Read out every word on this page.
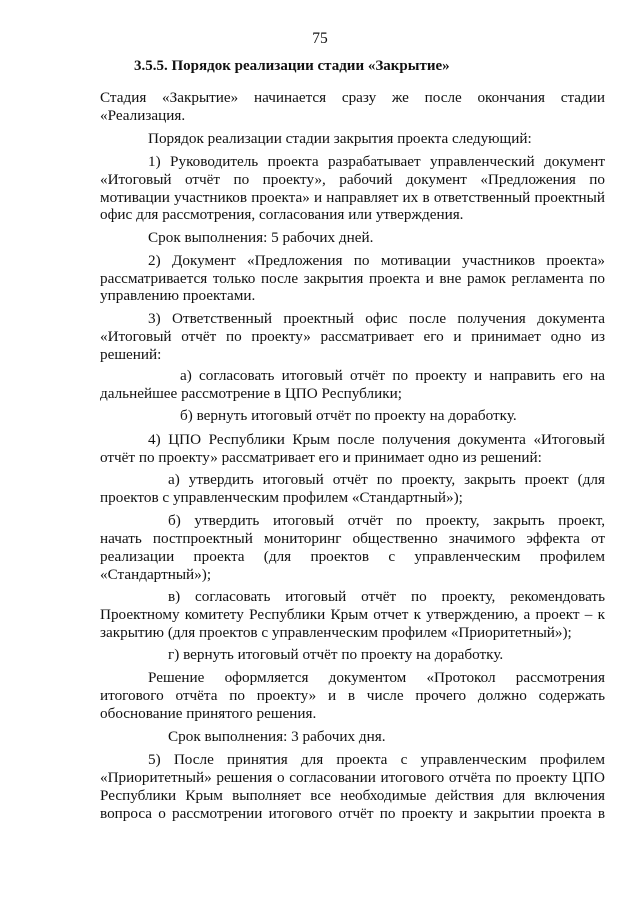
75
3.5.5. Порядок реализации стадии «Закрытие»
Стадия «Закрытие» начинается сразу же после окончания стадии
«Реализация.
Порядок реализации стадии закрытия проекта следующий:
1) Руководитель проекта разрабатывает управленческий документ
«Итоговый отчёт по проекту», рабочий документ «Предложения по
мотивации участников проекта» и направляет их в ответственный проектный
офис для рассмотрения, согласования или утверждения.
Срок выполнения: 5 рабочих дней.
2) Документ «Предложения по мотивации участников проекта»
рассматривается только после закрытия проекта и вне рамок регламента по
управлению проектами.
3) Ответственный проектный офис после получения документа
«Итоговый отчёт по проекту» рассматривает его и принимает одно из
решений:
а) согласовать итоговый отчёт по проекту и направить его на
дальнейшее рассмотрение в ЦПО Республики;
б) вернуть итоговый отчёт по проекту на доработку.
4) ЦПО Республики Крым после получения документа «Итоговый
отчёт по проекту» рассматривает его и принимает одно из решений:
а) утвердить итоговый отчёт по проекту, закрыть проект (для
проектов с управленческим профилем «Стандартный»);
б) утвердить итоговый отчёт по проекту, закрыть проект,
начать постпроектный мониторинг общественно значимого эффекта от
реализации проекта (для проектов с управленческим профилем
«Стандартный»);
в) согласовать итоговый отчёт по проекту, рекомендовать
Проектному комитету Республики Крым отчет к утверждению, а проект – к
закрытию (для проектов с управленческим профилем «Приоритетный»);
г) вернуть итоговый отчёт по проекту на доработку.
Решение оформляется документом «Протокол рассмотрения
итогового отчёта по проекту» и в числе прочего должно содержать
обоснование принятого решения.
Срок выполнения: 3 рабочих дня.
5) После принятия для проекта с управленческим профилем
«Приоритетный» решения о согласовании итогового отчёта по проекту ЦПО
Республики Крым выполняет все необходимые действия для включения
вопроса о рассмотрении итогового отчёт по проекту и закрытии проекта в
